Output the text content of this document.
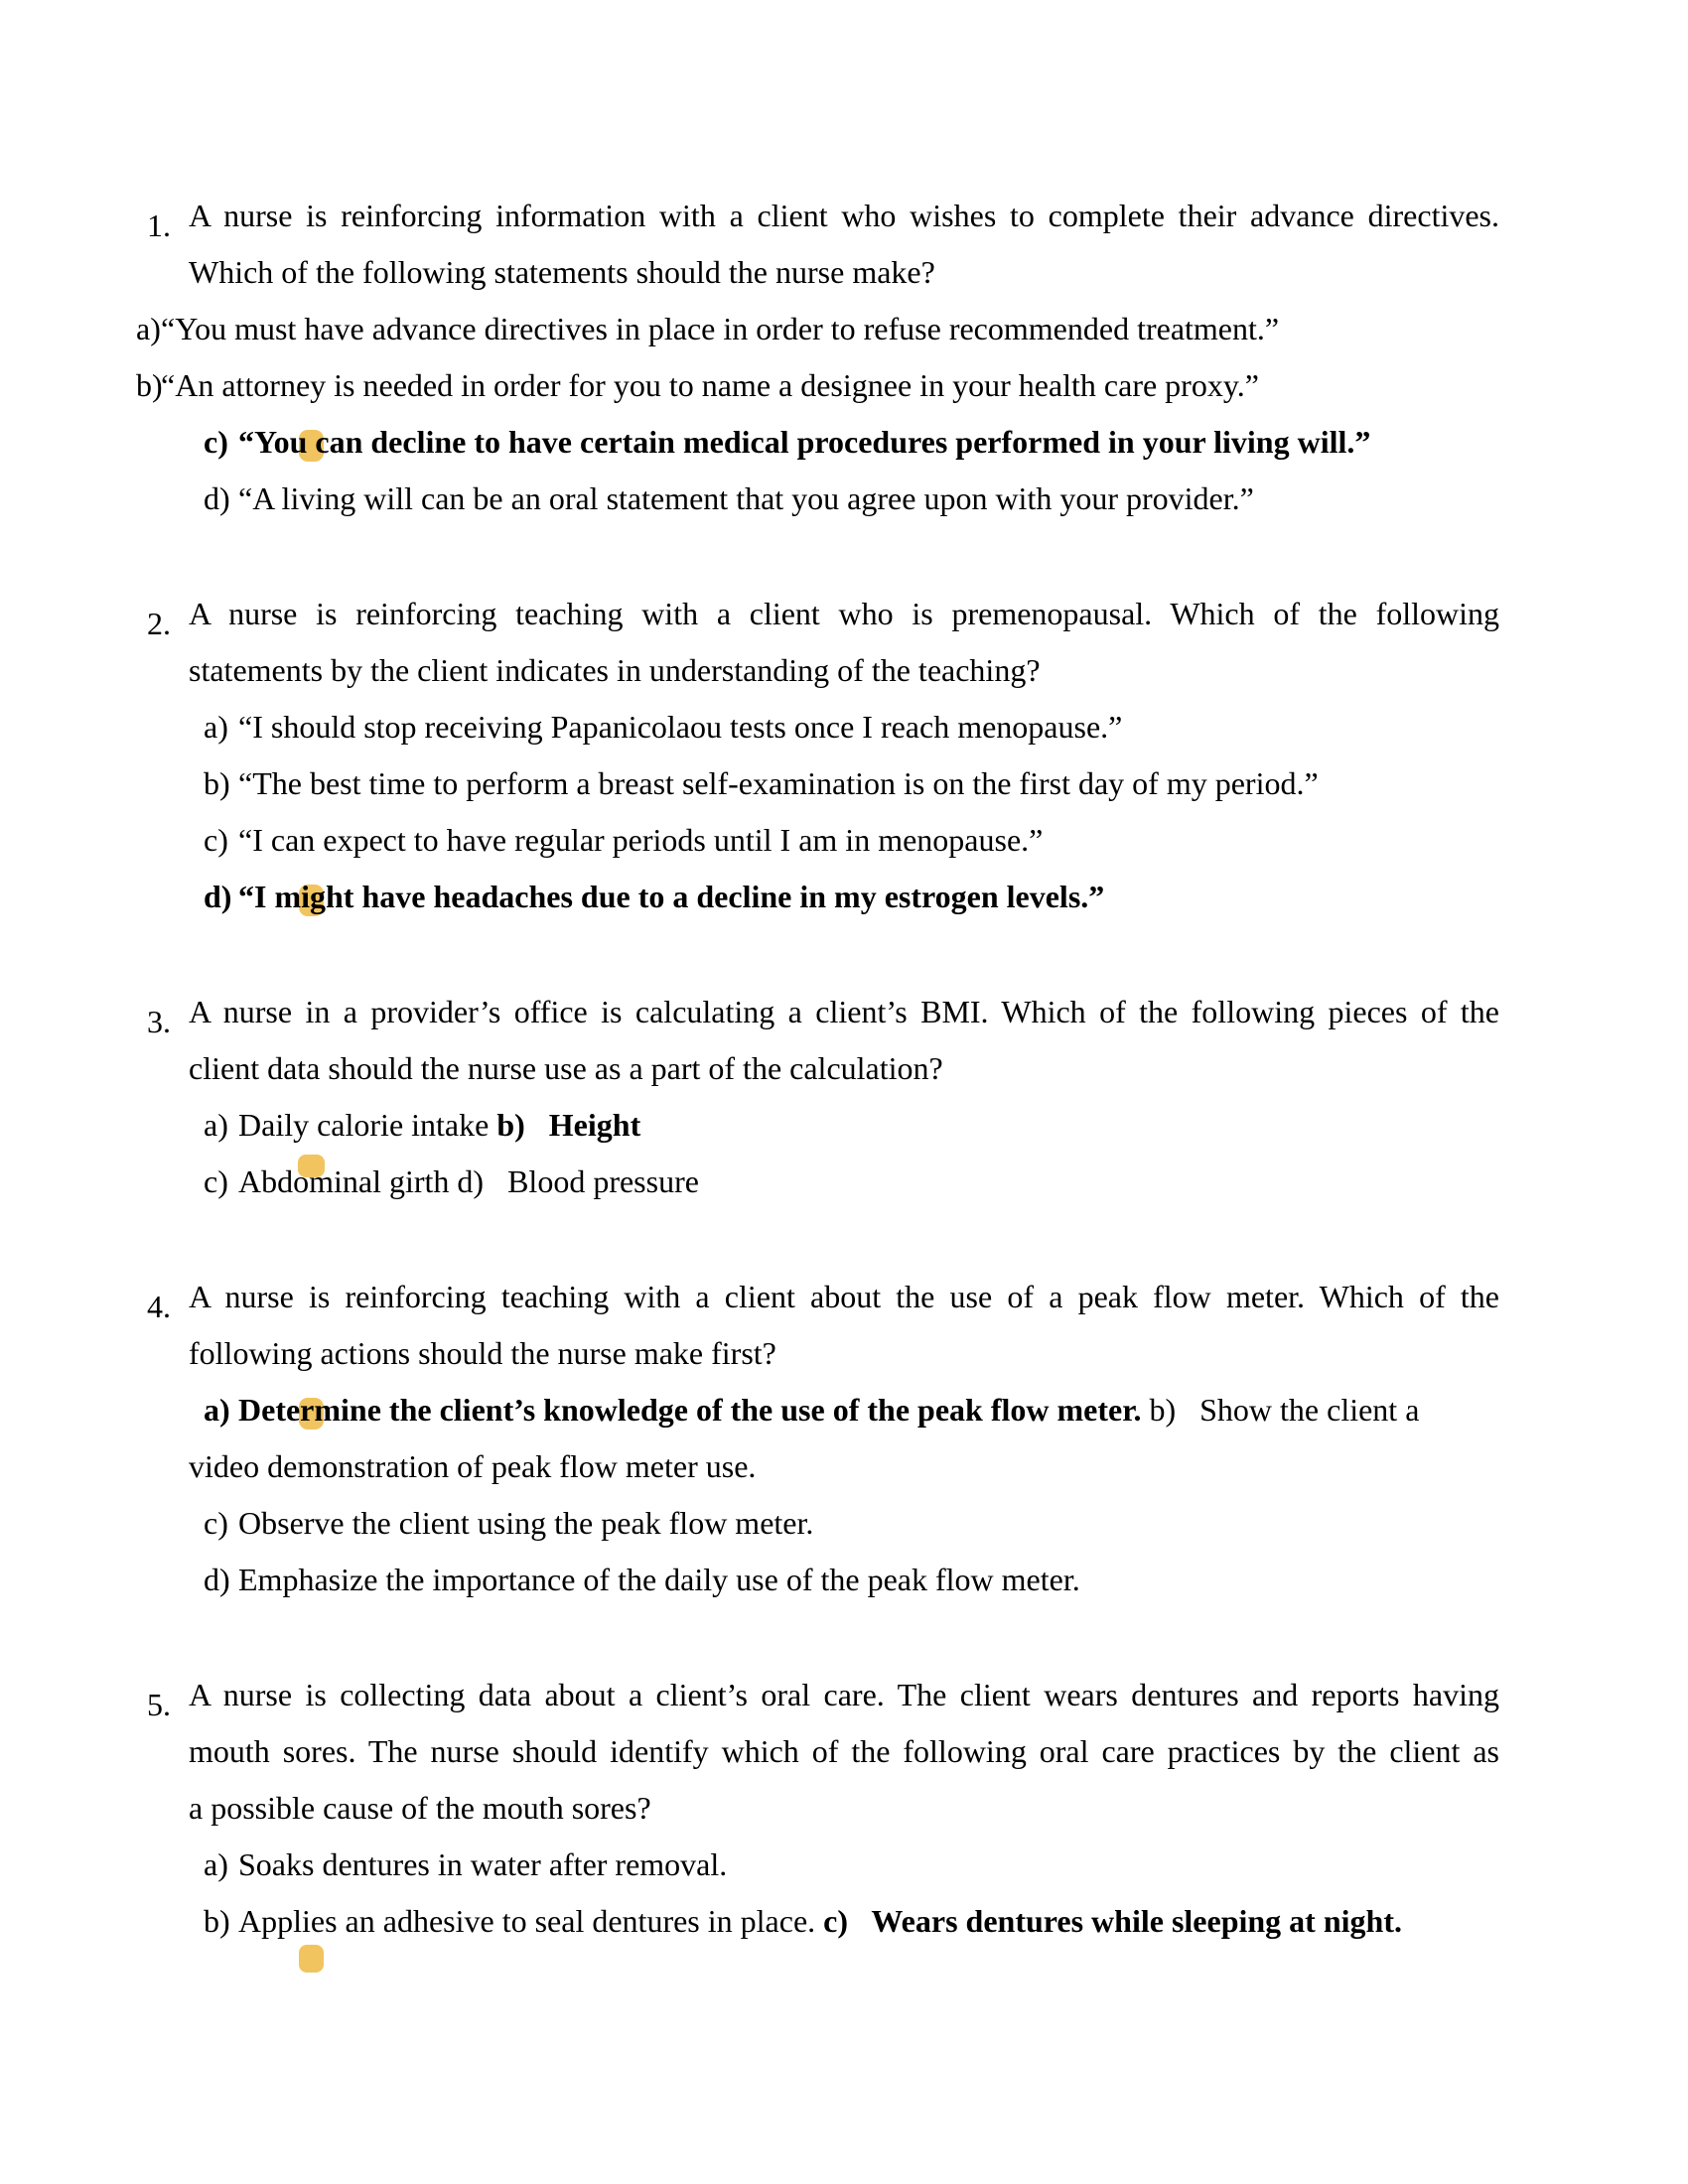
1. A nurse is reinforcing information with a client who wishes to complete their advance directives.

Which of the following statements should the nurse make?

a)“You must have advance directives in place in order to refuse recommended treatment.”

b)“An attorney is needed in order for you to name a designee in your health care proxy.”

c) “You can decline to have certain medical procedures performed in your living will.”

d) “A living will can be an oral statement that you agree upon with your provider.”

2. A nurse is reinforcing teaching with a client who is premenopausal. Which of the following

statements by the client indicates in understanding of the teaching?

a) “I should stop receiving Papanicolaou tests once I reach menopause.”

b) “The best time to perform a breast self-examination is on the first day of my period.”

c) “I can expect to have regular periods until I am in menopause.”

d) “I might have headaches due to a decline in my estrogen levels.”

3. A nurse in a provider’s office is calculating a client’s BMI. Which of the following pieces of the

client data should the nurse use as a part of the calculation?

a) Daily calorie intake b) Height

c) Abdominal girth d)   Blood pressure

4. A nurse is reinforcing teaching with a client about the use of a peak flow meter. Which of the

following actions should the nurse make first?

a) Determine the client’s knowledge of the use of the peak flow meter. b)   Show the client a

video demonstration of peak flow meter use.

c) Observe the client using the peak flow meter.

d) Emphasize the importance of the daily use of the peak flow meter.

5. A nurse is collecting data about a client’s oral care. The client wears dentures and reports having

mouth sores. The nurse should identify which of the following oral care practices by the client as

a possible cause of the mouth sores?

a) Soaks dentures in water after removal.

b) Applies an adhesive to seal dentures in place. c) Wears dentures while sleeping at night.
